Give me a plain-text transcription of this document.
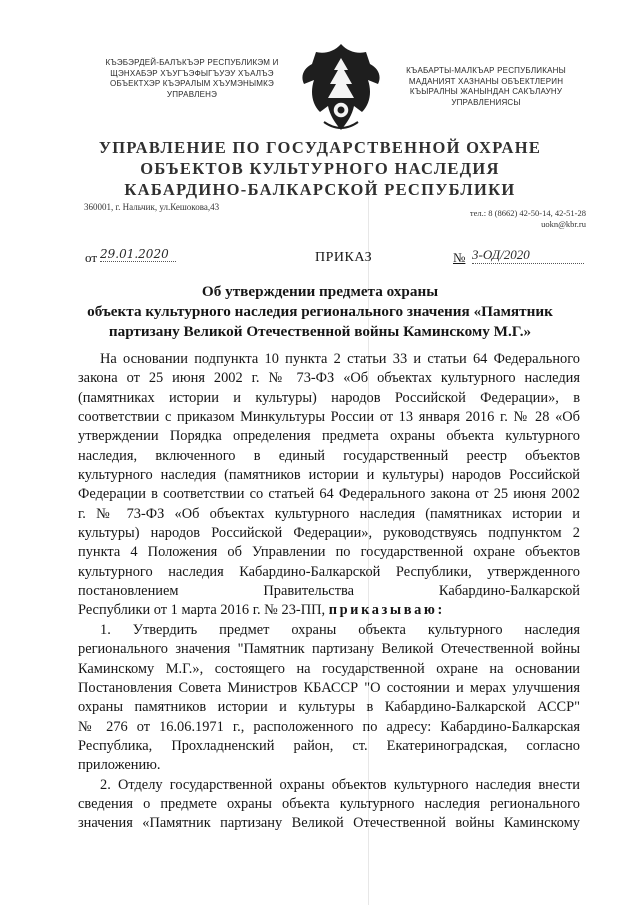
КЪЭБЭРДЕЙ-БАЛЪКЪЭР РЕСПУБЛИКЭМ И
ЩЭНХАБЭР ХЪУГЪЭФЫГЪУЭУ ХЪАЛЪЭ
ОБЪЕКТХЭР КЪЭРАЛЫМ ХЪУМЭНЫМКЭ
УПРАВЛЕНЭ
КЪАБАРТЫ-МАЛКЪАР РЕСПУБЛИКАНЫ
МАДАНИЯТ ХАЗНАНЫ ОБЪЕКТЛЕРИН
КЪЫРАЛНЫ ЖАНЫНДАН САКЪЛАУНУ
УПРАВЛЕНИЯСЫ
УПРАВЛЕНИЕ ПО ГОСУДАРСТВЕННОЙ ОХРАНЕ
ОБЪЕКТОВ КУЛЬТУРНОГО НАСЛЕДИЯ
КАБАРДИНО-БАЛКАРСКОЙ РЕСПУБЛИКИ
360001, г. Нальчик, ул.Кешокова,43
тел.: 8 (8662) 42-50-14, 42-51-28
uokn@kbr.ru
от 29.01.2020	ПРИКАЗ	№ 3-ОД/2020
Об утверждении предмета охраны
объекта культурного наследия регионального значения «Памятник
партизану Великой Отечественной войны Каминскому М.Г.»
На основании подпункта 10 пункта 2 статьи 33 и статьи 64 Федерального
закона от 25 июня 2002 г. № 73-ФЗ «Об объектах культурного наследия
(памятниках истории и культуры) народов Российской Федерации», в
соответствии с приказом Минкультуры России от 13 января 2016 г. № 28 «Об
утверждении Порядка определения предмета охраны объекта культурного
наследия, включенного в единый государственный реестр объектов
культурного наследия (памятников истории и культуры) народов Российской
Федерации в соответствии со статьей 64 Федерального закона от 25 июня 2002
г. № 73-ФЗ «Об объектах культурного наследия (памятниках истории и
культуры) народов Российской Федерации», руководствуясь подпунктом 2
пункта 4 Положения об Управлении по государственной охране объектов
культурного наследия Кабардино-Балкарской Республики, утвержденного
постановлением Правительства Кабардино-Балкарской
Республики от 1 марта 2016 г. № 23-ПП, приказываю:
1. Утвердить предмет охраны объекта культурного наследия
регионального значения "Памятник партизану Великой Отечественной войны
Каминскому М.Г.», состоящего на государственной охране на основании
Постановления Совета Министров КБАССР "О состоянии и мерах улучшения
охраны памятников истории и культуры в Кабардино-Балкарской АССР"
№ 276 от 16.06.1971 г., расположенного по адресу: Кабардино-Балкарская
Республика, Прохладненский район, ст. Екатериноградская, согласно
приложению.
2. Отделу государственной охраны объектов культурного наследия внести
сведения о предмете охраны объекта культурного наследия регионального
значения «Памятник партизану Великой Отечественной войны Каминскому
